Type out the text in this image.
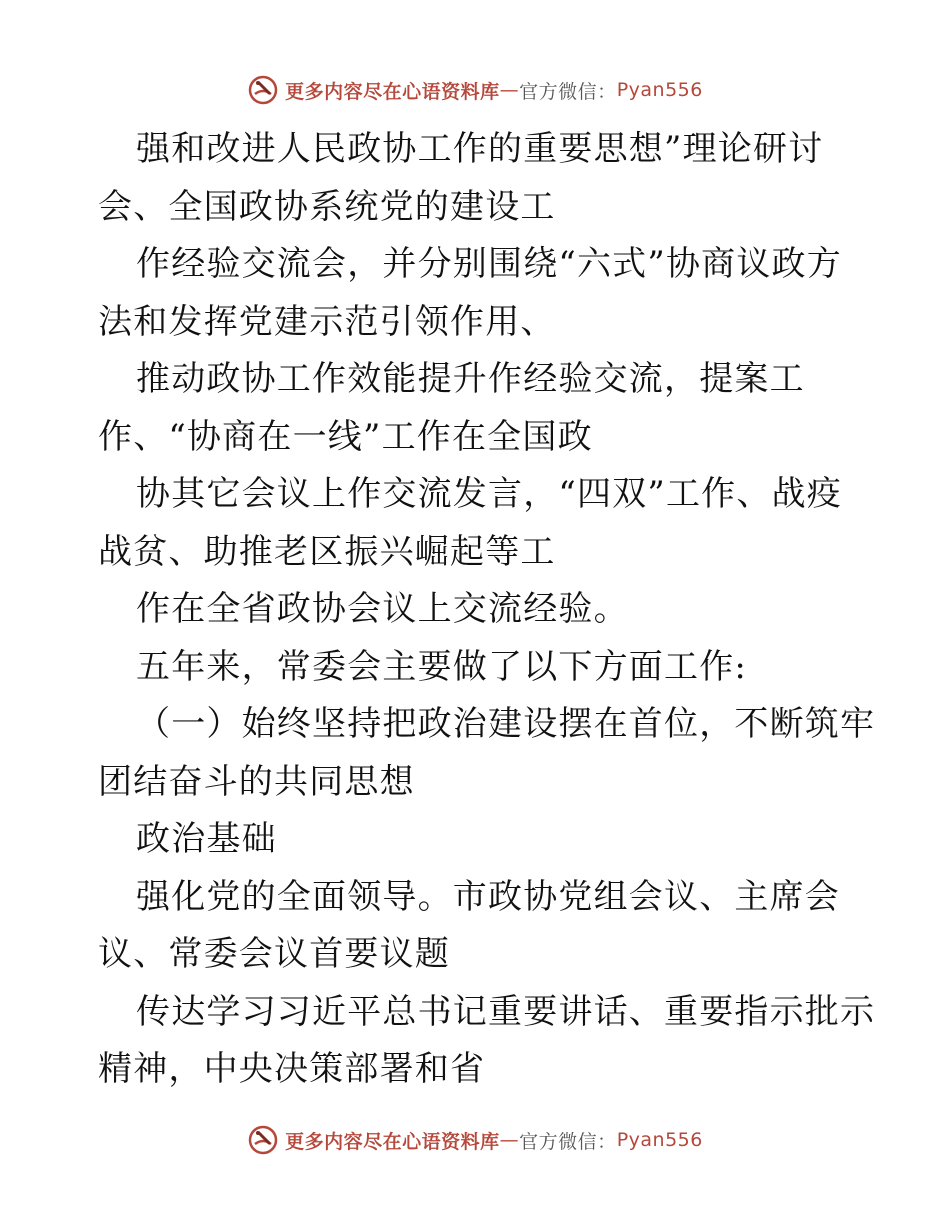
更多内容尽在心语资料库 — 官方微信： Pyan556
强和改进人民政协工作的重要思想”理论研讨
会、全国政协系统党的建设工
作经验交流会，并分别围绕“六式”协商议政方
法和发挥党建示范引领作用、
推动政协工作效能提升作经验交流，提案工
作、“协商在一线”工作在全国政
协其它会议上作交流发言，“四双”工作、战疫
战贫、助推老区振兴崛起等工
作在全省政协会议上交流经验。
五年来，常委会主要做了以下方面工作:
（一）始终坚持把政治建设摆在首位，不断筑牢
团结奋斗的共同思想
政治基础
强化党的全面领导。市政协党组会议、主席会
议、常委会议首要议题
传达学习习近平总书记重要讲话、重要指示批示
精神，中央决策部署和省
更多内容尽在心语资料库 — 官方微信： Pyan556
